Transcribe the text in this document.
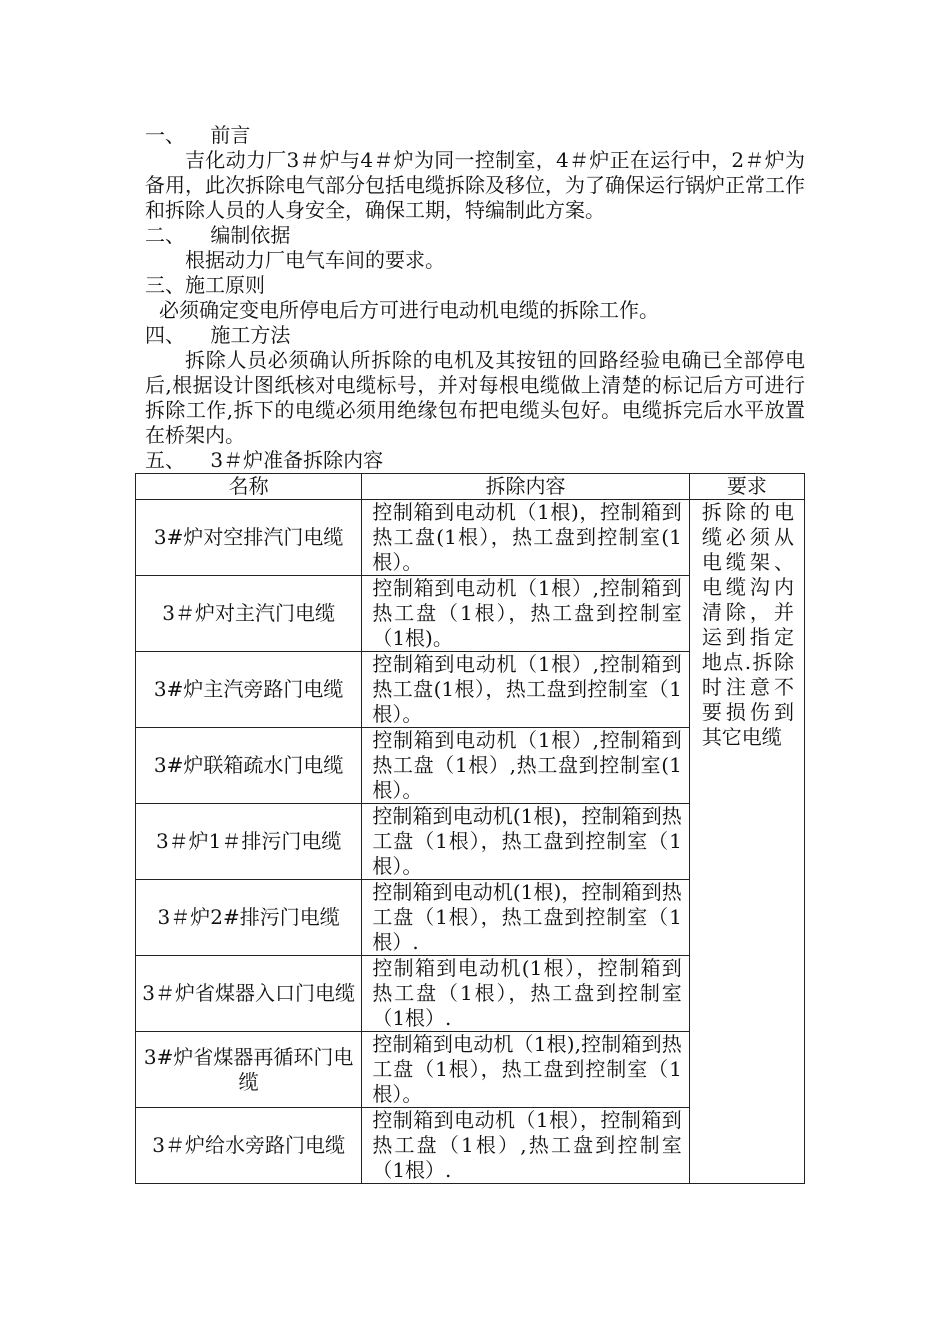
一、    前言

吉化动力厂3＃炉与4＃炉为同一控制室，4＃炉正在运行中，2＃炉为备用，此次拆除电气部分包括电缆拆除及移位，为了确保运行锅炉正常工作和拆除人员的人身安全，确保工期，特编制此方案。

二、    编制依据

根据动力厂电气车间的要求。

三、施工原则

必须确定变电所停电后方可进行电动机电缆的拆除工作。

四、    施工方法

拆除人员必须确认所拆除的电机及其按钮的回路经验电确已全部停电后,根据设计图纸核对电缆标号，并对每根电缆做上清楚的标记后方可进行拆除工作,拆下的电缆必须用绝缘包布把电缆头包好。电缆拆完后水平放置在桥架内。

五、    3＃炉准备拆除内容

名称	拆除内容	要求
3#炉对空排汽门电缆	控制箱到电动机（1根)，控制箱到热工盘(1根），热工盘到控制室(1根）。	拆除的电缆必须从电缆架、电缆沟内清除，并运到指定地点.拆除时注意不要损伤到其它电缆
3＃炉对主汽门电缆	控制箱到电动机（1根）,控制箱到热工盘（1根），热工盘到控制室（1根)。	
3#炉主汽旁路门电缆	控制箱到电动机（1根）,控制箱到热工盘(1根），热工盘到控制室（1根）。	
3#炉联箱疏水门电缆	控制箱到电动机（1根）,控制箱到热工盘（1根）,热工盘到控制室(1根）。	
3＃炉1＃排污门电缆	控制箱到电动机(1根)，控制箱到热工盘（1根），热工盘到控制室（1根）。	
3＃炉2#排污门电缆	控制箱到电动机(1根)，控制箱到热工盘（1根），热工盘到控制室（1根）.	
3＃炉省煤器入口门电缆	控制箱到电动机(1根），控制箱到热工盘（1根），热工盘到控制室（1根）.	
3#炉省煤器再循环门电缆	控制箱到电动机（1根),控制箱到热工盘（1根），热工盘到控制室（1根）。	
3＃炉给水旁路门电缆	控制箱到电动机（1根），控制箱到热工盘（1根）,热工盘到控制室（1根）.	
